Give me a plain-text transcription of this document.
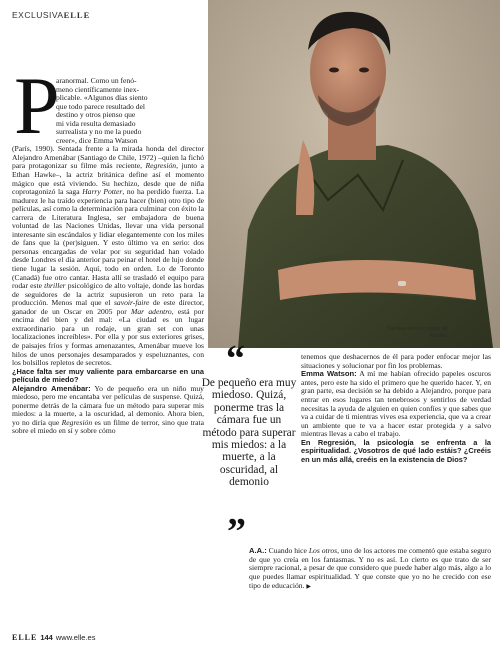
EXCLUSIVAELLE
Camisa en tono caqui de Replay.
P

aranormal. Como un fenó-
meno científicamente inex-
plicable. «Algunos días siento
que todo parece resultado del
destino y otros pienso que
mi vida resulta demasiado
surrealista y no me la puedo
creer», dice Emma Watson
(París, 1990). Sentada frente a la mirada honda del director Alejandro Amenábar (Santiago de Chile, 1972) –quien la fichó para protagonizar su filme más reciente, Regresión, junto a Ethan Hawke–, la actriz británica define así el momento mágico que está viviendo. Su hechizo, desde que de niña coprotagonizó la saga Harry Potter, no ha perdido fuerza. La madurez le ha traído experiencia para hacer (bien) otro tipo de películas, así como la determinación para culminar con éxito la carrera de Literatura Inglesa, ser embajadora de buena voluntad de las Naciones Unidas, llevar una vida personal interesante sin escándalos y lidiar elegantemente con los miles de fans que la (per)siguen. Y esto último va en serio: dos personas encargadas de velar por su seguridad han volado desde Londres el día anterior para peinar el hotel de lujo donde tiene lugar la sesión. Aquí, todo en orden. Lo de Toronto (Canadá) fue otro cantar. Hasta allí se trasladó el equipo para rodar este thriller psicológico de alto voltaje, donde las hordas de seguidores de la actriz supusieron un reto para la producción. Menos mal que el savoir-faire de este director, ganador de un Oscar en 2005 por Mar adentro, está por encima del bien y del mal: «La ciudad es un lugar extraordinario para un rodaje, un gran set con unas localizaciones increíbles». Por ella y por sus exteriores grises, de paisajes fríos y formas amenazantes, Amenábar mueve los hilos de unos personajes desamparados y espeluznantes, con los bolsillos repletos de secretos.

¿Hace falta ser muy valiente para embarcarse en una película de miedo?

Alejandro Amenábar: Yo de pequeño era un niño muy miedoso, pero me encantaba ver películas de suspense. Quizá, ponerme detrás de la cámara fue un método para superar mis miedos: a la muerte, a la oscuridad, al demonio. Ahora bien, yo no diría que Regresión es un filme de terror, sino que trata sobre el miedo en sí y sobre cómo

“
De pequeño era muy miedoso. Quizá, ponerme tras la cámara fue un método para superar mis miedos: a la muerte, a la oscuridad, al demonio
”

tenemos que deshacernos de él para poder enfocar mejor las situaciones y solucionar por fin los problemas.

Emma Watson: A mí me habían ofrecido papeles oscuros antes, pero este ha sido el primero que he querido hacer. Y, en gran parte, esa decisión se ha debido a Alejandro, porque para entrar en esos lugares tan tenebrosos y sentirlos de verdad necesitas la ayuda de alguien en quien confíes y que sabes que va a cuidar de ti mientras vives esa experiencia, que va a crear un ambiente que te va a hacer estar protegida y a salvo mientras llevas a cabo el trabajo.

En Regresión, la psicología se enfrenta a la espiritualidad. ¿Vosotros de qué lado estáis? ¿Creéis en un más allá, creéis en la existencia de Dios?

A.A.: Cuando hice Los otros, uno de los actores me comentó que estaba seguro de que yo creía en los fantasmas. Y no es así. Lo cierto es que trato de ser siempre racional, a pesar de que considero que puede haber algo más, algo a lo que puedes llamar espiritualidad. Y que conste que yo no he crecido con ese tipo de educación. ▶
ELLE 144 www.elle.es
